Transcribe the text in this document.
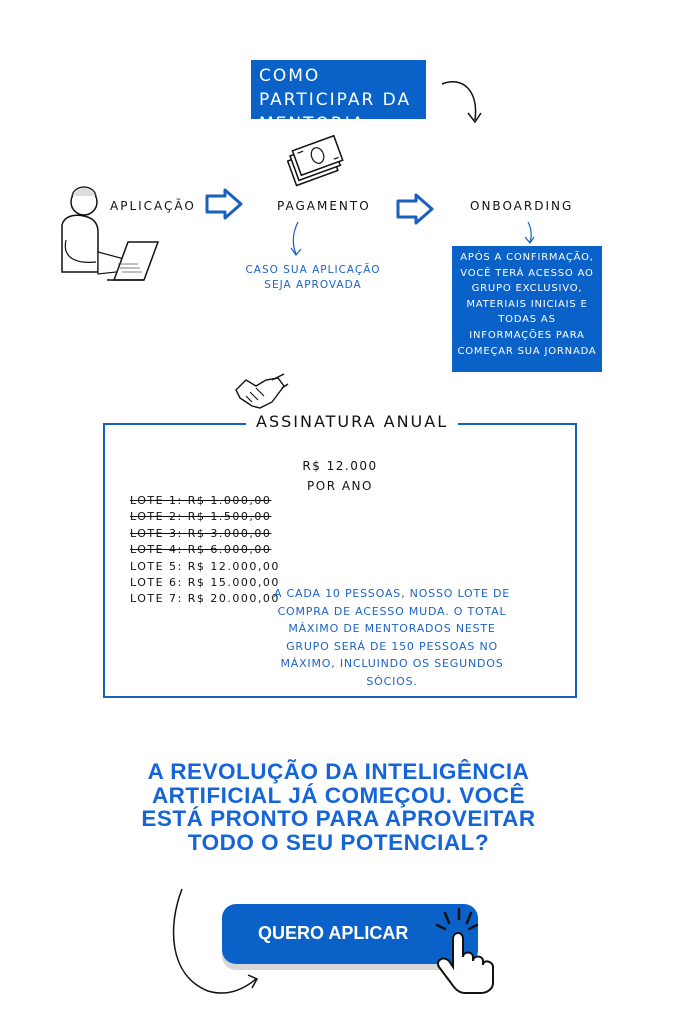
COMO PARTICIPAR DA MENTORIA:
APLICAÇÃO	PAGAMENTO
CASO SUA APLICAÇÃO SEJA APROVADA
ONBOARDING
APÓS A CONFIRMAÇÃO, VOCÊ TERÁ ACESSO AO GRUPO EXCLUSIVO, MATERIAIS INICIAIS E TODAS AS INFORMAÇÕES PARA COMEÇAR SUA JORNADA
ASSINATURA ANUAL
R$ 12.000
POR ANO
LOTE 1: R$ 1.000,00
LOTE 2: R$ 1.500,00
LOTE 3: R$ 3.000,00
LOTE 4: R$ 6.000,00
LOTE 5: R$ 12.000,00
LOTE 6: R$ 15.000,00
LOTE 7: R$ 20.000,00
A CADA 10 PESSOAS, NOSSO LOTE DE COMPRA DE ACESSO MUDA. O TOTAL MÁXIMO DE MENTORADOS NESTE GRUPO SERÁ DE 150 PESSOAS NO MÁXIMO, INCLUINDO OS SEGUNDOS SÓCIOS.
A REVOLUÇÃO DA INTELIGÊNCIA ARTIFICIAL JÁ COMEÇOU. VOCÊ ESTÁ PRONTO PARA APROVEITAR TODO O SEU POTENCIAL?
QUERO APLICAR
